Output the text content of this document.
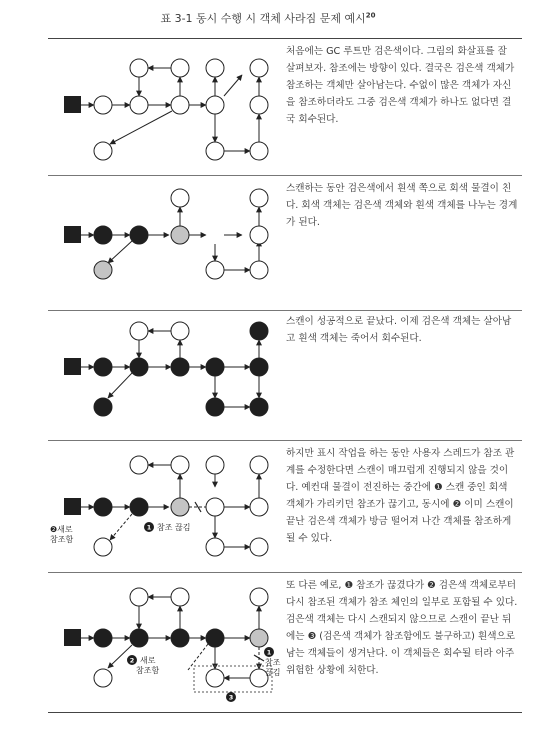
표 3-1 동시 수행 시 객체 사라짐 문제 예시$^{20}$

처음에는 GC 루트만 검은색이다. 그림의 화살표를 잘 살펴보자. 참조에는 방향이 있다. 결국은 검은색 객체가 참조하는 객체만 살아남는다. 수없이 많은 객체가 자신을 참조하더라도 그중 검은색 객체가 하나도 없다면 결국 회수된다.

스캔하는 동안 검은색에서 흰색 쪽으로 회색 물결이 친다. 회색 객체는 검은색 객체와 흰색 객체를 나누는 경계가 된다.

스캔이 성공적으로 끝났다. 이제 검은색 객체는 살아남고 흰색 객체는 죽어서 회수된다.

❷새로
참조함
1 참조 끊김

하지만 표시 작업을 하는 동안 사용자 스레드가 참조 관계를 수정한다면 스캔이 매끄럽게 진행되지 않을 것이다. 예컨대 물결이 전진하는 중간에 ❶ 스캔 중인 회색 객체가 가리키던 참조가 끊기고, 동시에 ❷ 이미 스캔이 끝난 검은색 객체가 방금 떨어져 나간 객체를 참조하게 될 수 있다.

2 새로
참조함
1
참조
끊김
3

또 다른 예로, ❶ 참조가 끊겼다가 ❷ 검은색 객체로부터 다시 참조된 객체가 참조 체인의 일부로 포함될 수 있다. 검은색 객체는 다시 스캔되지 않으므로 스캔이 끝난 뒤에는 ❸ (검은색 객체가 참조함에도 불구하고) 흰색으로 남는 객체들이 생겨난다. 이 객체들은 회수될 터라 아주 위험한 상황에 처한다.
